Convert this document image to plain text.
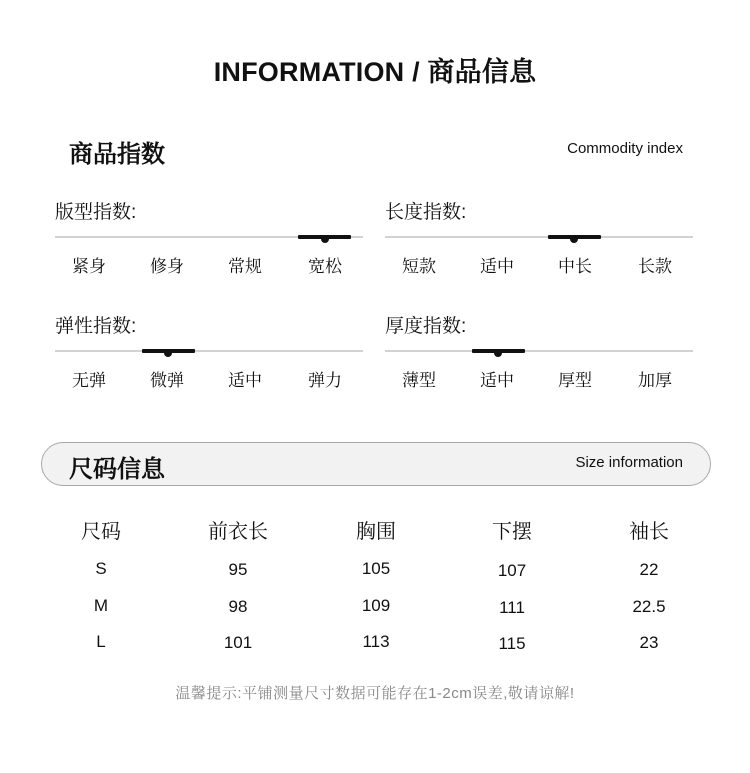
INFORMATION / 商品信息
商品指数	Commodity index
版型指数:
紧身	修身	常规	宽松
长度指数:
短款	适中	中长	长款
弹性指数:
无弹	微弹	适中	弹力
厚度指数:
薄型	适中	厚型	加厚
尺码信息	Size information
尺码	前衣长	胸围	下摆	袖长
S	95	105	107	22
M	98	109	111	22.5
L	101	113	115	23
温馨提示:平铺测量尺寸数据可能存在1-2cm误差,敬请谅解!
